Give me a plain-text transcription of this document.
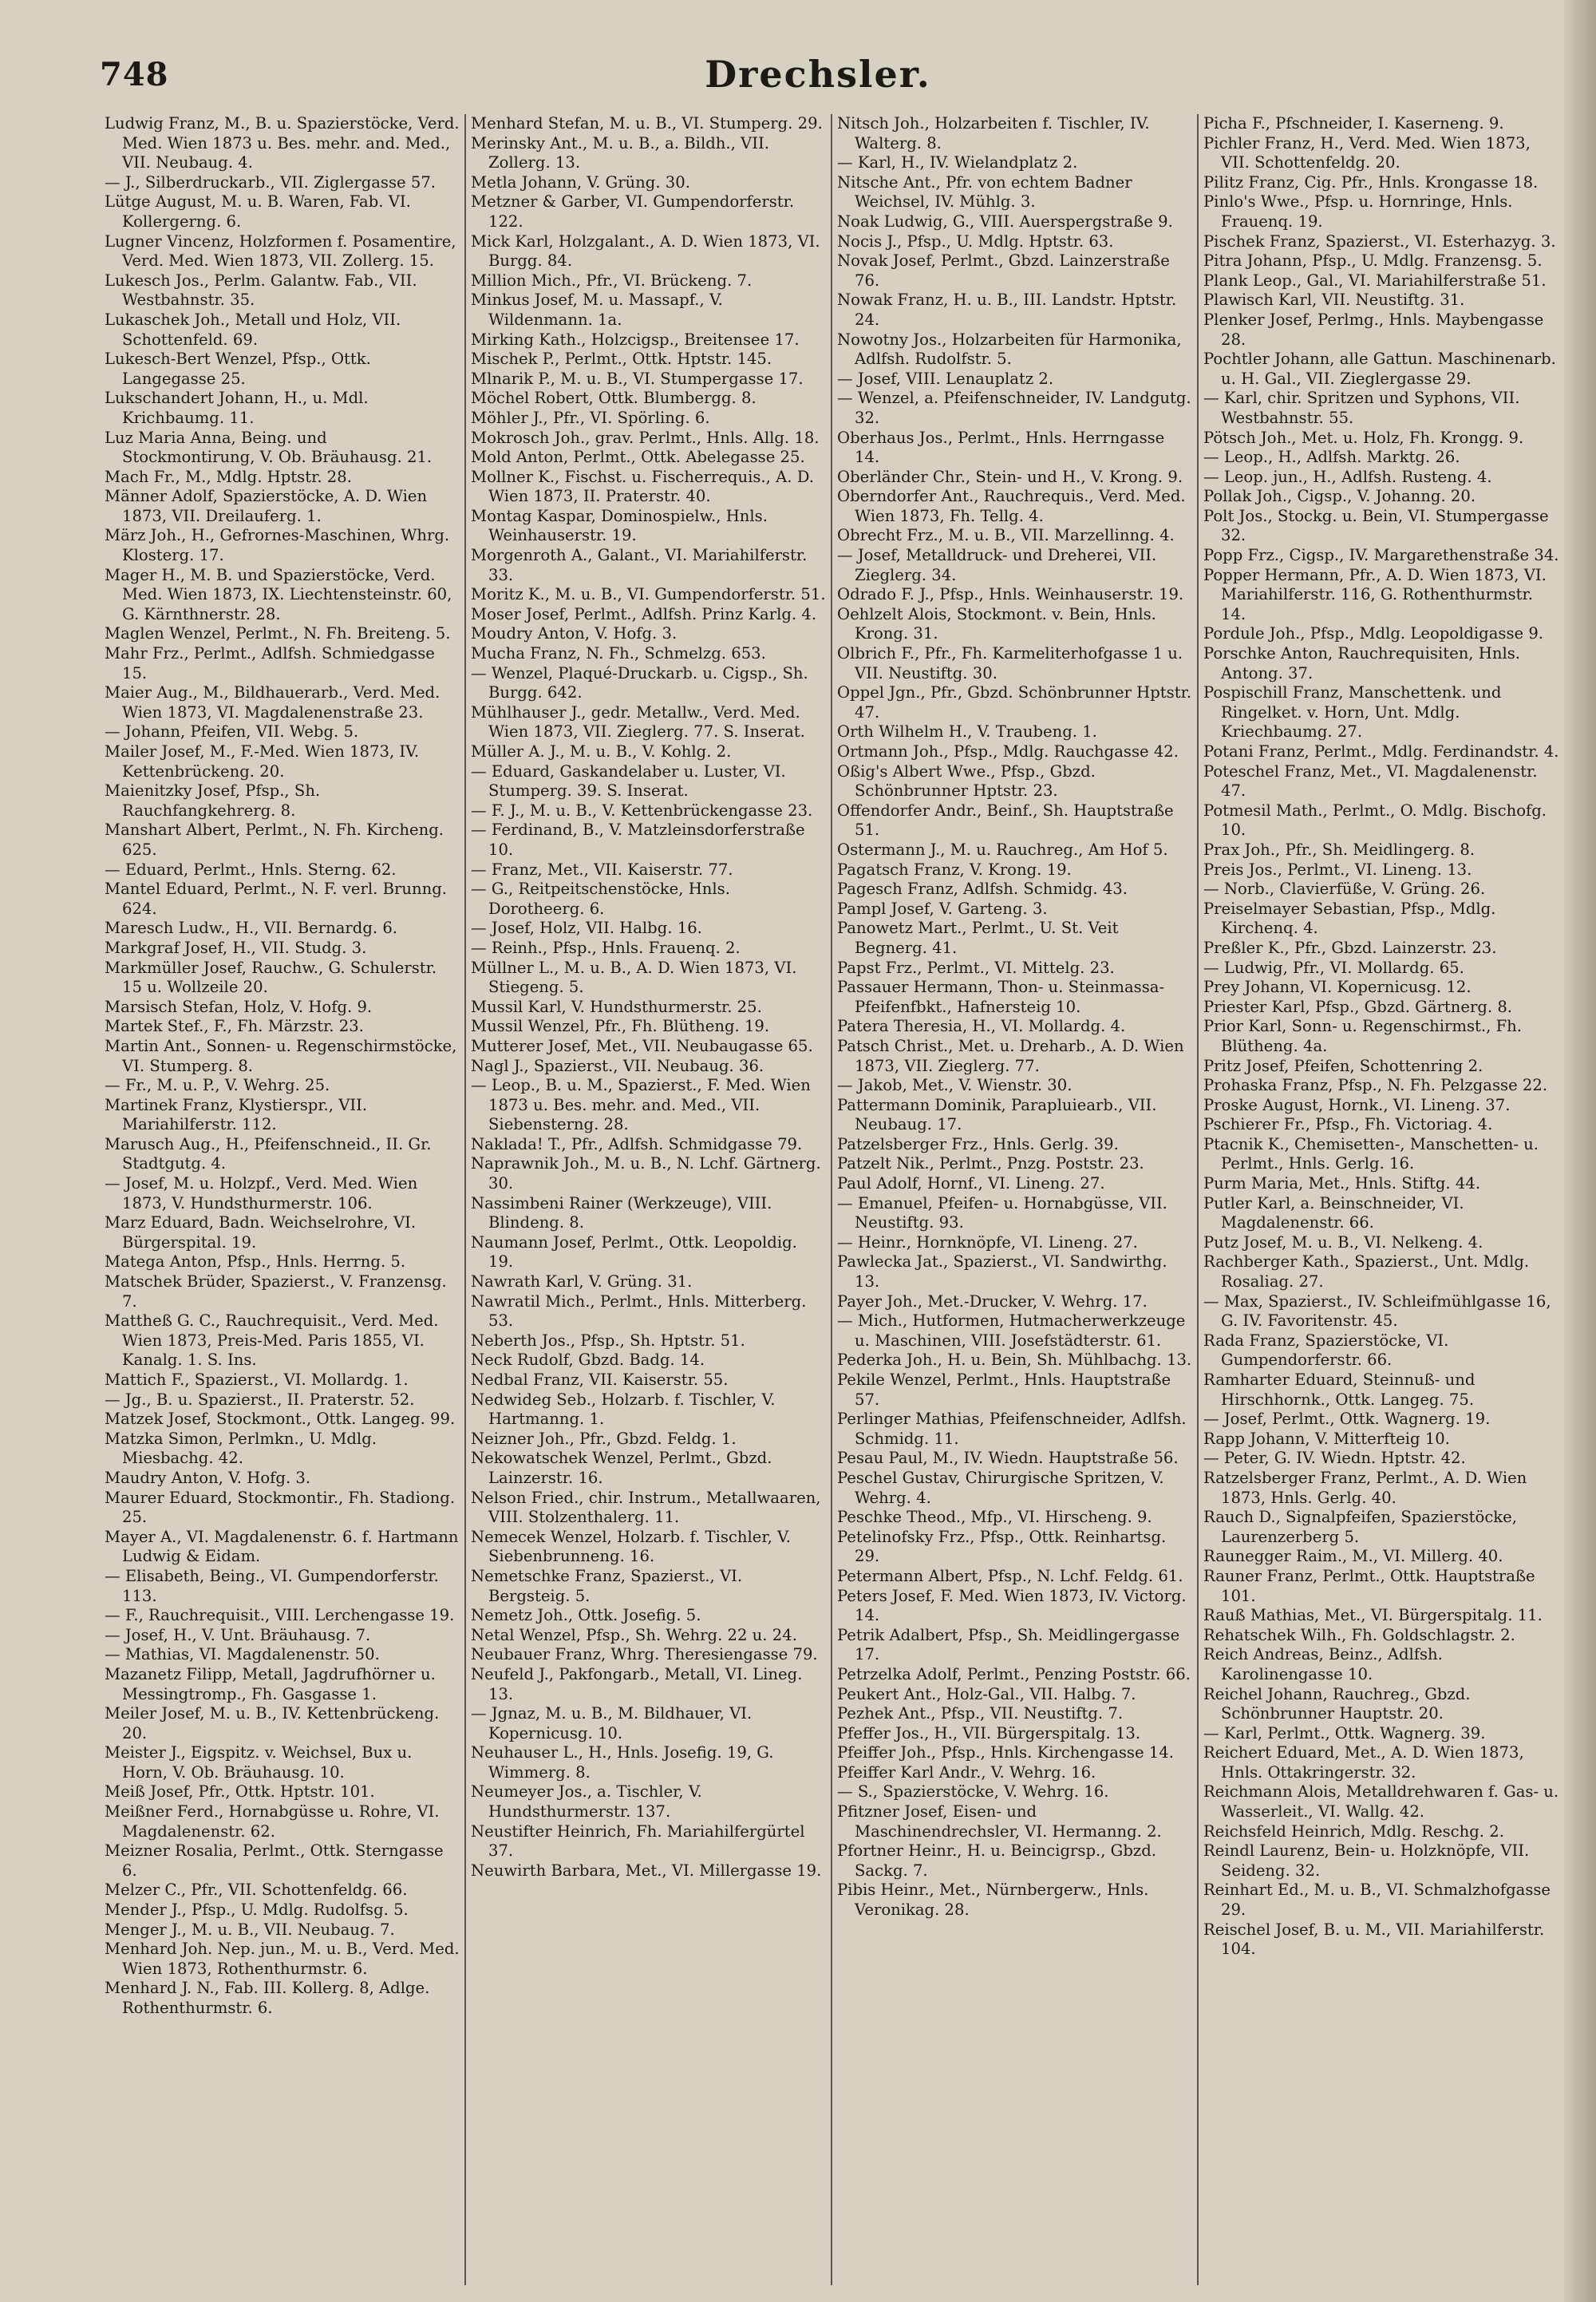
748	Drechsler.

Ludwig Franz, M., B. u. Spazierstöcke, Verd. Med. Wien 1873 u. Bes. mehr. and. Med., VII. Neubaug. 4.

— J., Silberdruckarb., VII. Ziglergasse 57.

Lütge August, M. u. B. Waren, Fab. VI. Kollergerng. 6.

Lugner Vincenz, Holzformen f. Posamentire, Verd. Med. Wien 1873, VII. Zollerg. 15.

Lukesch Jos., Perlm. Galantw. Fab., VII. Westbahnstr. 35.

Lukaschek Joh., Metall und Holz, VII. Schottenfeld. 69.

Lukesch-Bert Wenzel, Pfsp., Ottk. Langegasse 25.

Lukschandert Johann, H., u. Mdl. Krichbaumg. 11.

Luz Maria Anna, Being. und Stockmontirung, V. Ob. Bräuhausg. 21.

Mach Fr., M., Mdlg. Hptstr. 28.

Männer Adolf, Spazierstöcke, A. D. Wien 1873, VII. Dreilauferg. 1.

März Joh., H., Gefrornes-Maschinen, Whrg. Klosterg. 17.

Mager H., M. B. und Spazierstöcke, Verd. Med. Wien 1873, IX. Liechtensteinstr. 60, G. Kärnthnerstr. 28.

Maglen Wenzel, Perlmt., N. Fh. Breiteng. 5.

Mahr Frz., Perlmt., Adlfsh. Schmiedgasse 15.

Maier Aug., M., Bildhauerarb., Verd. Med. Wien 1873, VI. Magdalenenstraße 23.

— Johann, Pfeifen, VII. Webg. 5.

Mailer Josef, M., F.-Med. Wien 1873, IV. Kettenbrückeng. 20.

Maienitzky Josef, Pfsp., Sh. Rauchfangkehrerg. 8.

Manshart Albert, Perlmt., N. Fh. Kircheng. 625.

— Eduard, Perlmt., Hnls. Sterng. 62.

Mantel Eduard, Perlmt., N. F. verl. Brunng. 624.

Maresch Ludw., H., VII. Bernardg. 6.

Markgraf Josef, H., VII. Studg. 3.

Markmüller Josef, Rauchw., G. Schulerstr. 15 u. Wollzeile 20.

Marsisch Stefan, Holz, V. Hofg. 9.

Martek Stef., F., Fh. Märzstr. 23.

Martin Ant., Sonnen- u. Regenschirmstöcke, VI. Stumperg. 8.

— Fr., M. u. P., V. Wehrg. 25.

Martinek Franz, Klystierspr., VII. Mariahilferstr. 112.

Marusch Aug., H., Pfeifenschneid., II. Gr. Stadtgutg. 4.

— Josef, M. u. Holzpf., Verd. Med. Wien 1873, V. Hundsthurmerstr. 106.

Marz Eduard, Badn. Weichselrohre, VI. Bürgerspital. 19.

Matega Anton, Pfsp., Hnls. Herrng. 5.

Matschek Brüder, Spazierst., V. Franzensg. 7.

Mattheß G. C., Rauchrequisit., Verd. Med. Wien 1873, Preis-Med. Paris 1855, VI. Kanalg. 1. S. Ins.

Mattich F., Spazierst., VI. Mollardg. 1.

— Jg., B. u. Spazierst., II. Praterstr. 52.

Matzek Josef, Stockmont., Ottk. Langeg. 99.

Matzka Simon, Perlmkn., U. Mdlg. Miesbachg. 42.

Maudry Anton, V. Hofg. 3.

Maurer Eduard, Stockmontir., Fh. Stadiong. 25.

Mayer A., VI. Magdalenenstr. 6. f. Hartmann Ludwig & Eidam.

— Elisabeth, Being., VI. Gumpendorferstr. 113.

— F., Rauchrequisit., VIII. Lerchengasse 19.

— Josef, H., V. Unt. Bräuhausg. 7.

— Mathias, VI. Magdalenenstr. 50.

Mazanetz Filipp, Metall, Jagdrufhörner u. Messingtromp., Fh. Gasgasse 1.

Meiler Josef, M. u. B., IV. Kettenbrückeng. 20.

Meister J., Eigspitz. v. Weichsel, Bux u. Horn, V. Ob. Bräuhausg. 10.

Meiß Josef, Pfr., Ottk. Hptstr. 101.

Meißner Ferd., Hornabgüsse u. Rohre, VI. Magdalenenstr. 62.

Meizner Rosalia, Perlmt., Ottk. Sterngasse 6.

Melzer C., Pfr., VII. Schottenfeldg. 66.

Mender J., Pfsp., U. Mdlg. Rudolfsg. 5.

Menger J., M. u. B., VII. Neubaug. 7.

Menhard Joh. Nep. jun., M. u. B., Verd. Med. Wien 1873, Rothenthurmstr. 6.

Menhard J. N., Fab. III. Kollerg. 8, Adlge. Rothenthurmstr. 6.

Menhard Stefan, M. u. B., VI. Stumperg. 29.

Merinsky Ant., M. u. B., a. Bildh., VII. Zollerg. 13.

Metla Johann, V. Grüng. 30.

Metzner & Garber, VI. Gumpendorferstr. 122.

Mick Karl, Holzgalant., A. D. Wien 1873, VI. Burgg. 84.

Million Mich., Pfr., VI. Brückeng. 7.

Minkus Josef, M. u. Massapf., V. Wildenmann. 1a.

Mirking Kath., Holzcigsp., Breitensee 17.

Mischek P., Perlmt., Ottk. Hptstr. 145.

Mlnarik P., M. u. B., VI. Stumpergasse 17.

Möchel Robert, Ottk. Blumbergg. 8.

Möhler J., Pfr., VI. Spörling. 6.

Mokrosch Joh., grav. Perlmt., Hnls. Allg. 18.

Mold Anton, Perlmt., Ottk. Abelegasse 25.

Mollner K., Fischst. u. Fischerrequis., A. D. Wien 1873, II. Praterstr. 40.

Montag Kaspar, Dominospielw., Hnls. Weinhauserstr. 19.

Morgenroth A., Galant., VI. Mariahilferstr. 33.

Moritz K., M. u. B., VI. Gumpendorferstr. 51.

Moser Josef, Perlmt., Adlfsh. Prinz Karlg. 4.

Moudry Anton, V. Hofg. 3.

Mucha Franz, N. Fh., Schmelzg. 653.

— Wenzel, Plaqué-Druckarb. u. Cigsp., Sh. Burgg. 642.

Mühlhauser J., gedr. Metallw., Verd. Med. Wien 1873, VII. Zieglerg. 77. S. Inserat.

Müller A. J., M. u. B., V. Kohlg. 2.

— Eduard, Gaskandelaber u. Luster, VI. Stumperg. 39. S. Inserat.

— F. J., M. u. B., V. Kettenbrückengasse 23.

— Ferdinand, B., V. Matzleinsdorferstraße 10.

— Franz, Met., VII. Kaiserstr. 77.

— G., Reitpeitschenstöcke, Hnls. Dorotheerg. 6.

— Josef, Holz, VII. Halbg. 16.

— Reinh., Pfsp., Hnls. Frauenq. 2.

Müllner L., M. u. B., A. D. Wien 1873, VI. Stiegeng. 5.

Mussil Karl, V. Hundsthurmerstr. 25.

Mussil Wenzel, Pfr., Fh. Blütheng. 19.

Mutterer Josef, Met., VII. Neubaugasse 65.

Nagl J., Spazierst., VII. Neubaug. 36.

— Leop., B. u. M., Spazierst., F. Med. Wien 1873 u. Bes. mehr. and. Med., VII. Siebensterng. 28.

Naklada! T., Pfr., Adlfsh. Schmidgasse 79.

Naprawnik Joh., M. u. B., N. Lchf. Gärtnerg. 30.

Nassimbeni Rainer (Werkzeuge), VIII. Blindeng. 8.

Naumann Josef, Perlmt., Ottk. Leopoldig. 19.

Nawrath Karl, V. Grüng. 31.

Nawratil Mich., Perlmt., Hnls. Mitterberg. 53.

Neberth Jos., Pfsp., Sh. Hptstr. 51.

Neck Rudolf, Gbzd. Badg. 14.

Nedbal Franz, VII. Kaiserstr. 55.

Nedwideg Seb., Holzarb. f. Tischler, V. Hartmanng. 1.

Neizner Joh., Pfr., Gbzd. Feldg. 1.

Nekowatschek Wenzel, Perlmt., Gbzd. Lainzerstr. 16.

Nelson Fried., chir. Instrum., Metallwaaren, VIII. Stolzenthalerg. 11.

Nemecek Wenzel, Holzarb. f. Tischler, V. Siebenbrunneng. 16.

Nemetschke Franz, Spazierst., VI. Bergsteig. 5.

Nemetz Joh., Ottk. Josefig. 5.

Netal Wenzel, Pfsp., Sh. Wehrg. 22 u. 24.

Neubauer Franz, Whrg. Theresiengasse 79.

Neufeld J., Pakfongarb., Metall, VI. Lineg. 13.

— Jgnaz, M. u. B., M. Bildhauer, VI. Kopernicusg. 10.

Neuhauser L., H., Hnls. Josefig. 19, G. Wimmerg. 8.

Neumeyer Jos., a. Tischler, V. Hundsthurmerstr. 137.

Neustifter Heinrich, Fh. Mariahilfergürtel 37.

Neuwirth Barbara, Met., VI. Millergasse 19.

Nitsch Joh., Holzarbeiten f. Tischler, IV. Walterg. 8.

— Karl, H., IV. Wielandplatz 2.

Nitsche Ant., Pfr. von echtem Badner Weichsel, IV. Mühlg. 3.

Noak Ludwig, G., VIII. Auerspergstraße 9.

Nocis J., Pfsp., U. Mdlg. Hptstr. 63.

Novak Josef, Perlmt., Gbzd. Lainzerstraße 76.

Nowak Franz, H. u. B., III. Landstr. Hptstr. 24.

Nowotny Jos., Holzarbeiten für Harmonika, Adlfsh. Rudolfstr. 5.

— Josef, VIII. Lenauplatz 2.

— Wenzel, a. Pfeifenschneider, IV. Landgutg. 32.

Oberhaus Jos., Perlmt., Hnls. Herrngasse 14.

Oberländer Chr., Stein- und H., V. Krong. 9.

Oberndorfer Ant., Rauchrequis., Verd. Med. Wien 1873, Fh. Tellg. 4.

Obrecht Frz., M. u. B., VII. Marzellinng. 4.

— Josef, Metalldruck- und Dreherei, VII. Zieglerg. 34.

Odrado F. J., Pfsp., Hnls. Weinhauserstr. 19.

Oehlzelt Alois, Stockmont. v. Bein, Hnls. Krong. 31.

Olbrich F., Pfr., Fh. Karmeliterhofgasse 1 u. VII. Neustiftg. 30.

Oppel Jgn., Pfr., Gbzd. Schönbrunner Hptstr. 47.

Orth Wilhelm H., V. Traubeng. 1.

Ortmann Joh., Pfsp., Mdlg. Rauchgasse 42.

Oßig's Albert Wwe., Pfsp., Gbzd. Schönbrunner Hptstr. 23.

Offendorfer Andr., Beinf., Sh. Hauptstraße 51.

Ostermann J., M. u. Rauchreg., Am Hof 5.

Pagatsch Franz, V. Krong. 19.

Pagesch Franz, Adlfsh. Schmidg. 43.

Pampl Josef, V. Garteng. 3.

Panowetz Mart., Perlmt., U. St. Veit Begnerg. 41.

Papst Frz., Perlmt., VI. Mittelg. 23.

Passauer Hermann, Thon- u. Steinmassa-Pfeifenfbkt., Hafnersteig 10.

Patera Theresia, H., VI. Mollardg. 4.

Patsch Christ., Met. u. Dreharb., A. D. Wien 1873, VII. Zieglerg. 77.

— Jakob, Met., V. Wienstr. 30.

Pattermann Dominik, Parapluiearb., VII. Neubaug. 17.

Patzelsberger Frz., Hnls. Gerlg. 39.

Patzelt Nik., Perlmt., Pnzg. Poststr. 23.

Paul Adolf, Hornf., VI. Lineng. 27.

— Emanuel, Pfeifen- u. Hornabgüsse, VII. Neustiftg. 93.

— Heinr., Hornknöpfe, VI. Lineng. 27.

Pawlecka Jat., Spazierst., VI. Sandwirthg. 13.

Payer Joh., Met.-Drucker, V. Wehrg. 17.

— Mich., Hutformen, Hutmacherwerkzeuge u. Maschinen, VIII. Josefstädterstr. 61.

Pederka Joh., H. u. Bein, Sh. Mühlbachg. 13.

Pekile Wenzel, Perlmt., Hnls. Hauptstraße 57.

Perlinger Mathias, Pfeifenschneider, Adlfsh. Schmidg. 11.

Pesau Paul, M., IV. Wiedn. Hauptstraße 56.

Peschel Gustav, Chirurgische Spritzen, V. Wehrg. 4.

Peschke Theod., Mfp., VI. Hirscheng. 9.

Petelinofsky Frz., Pfsp., Ottk. Reinhartsg. 29.

Petermann Albert, Pfsp., N. Lchf. Feldg. 61.

Peters Josef, F. Med. Wien 1873, IV. Victorg. 14.

Petrik Adalbert, Pfsp., Sh. Meidlingergasse 17.

Petrzelka Adolf, Perlmt., Penzing Poststr. 66.

Peukert Ant., Holz-Gal., VII. Halbg. 7.

Pezhek Ant., Pfsp., VII. Neustiftg. 7.

Pfeffer Jos., H., VII. Bürgerspitalg. 13.

Pfeiffer Joh., Pfsp., Hnls. Kirchengasse 14.

Pfeiffer Karl Andr., V. Wehrg. 16.

— S., Spazierstöcke, V. Wehrg. 16.

Pfitzner Josef, Eisen- und Maschinendrechsler, VI. Hermanng. 2.

Pfortner Heinr., H. u. Beincigrsp., Gbzd. Sackg. 7.

Pibis Heinr., Met., Nürnbergerw., Hnls. Veronikag. 28.

Picha F., Pfschneider, I. Kaserneng. 9.

Pichler Franz, H., Verd. Med. Wien 1873, VII. Schottenfeldg. 20.

Pilitz Franz, Cig. Pfr., Hnls. Krongasse 18.

Pinlo's Wwe., Pfsp. u. Hornringe, Hnls. Frauenq. 19.

Pischek Franz, Spazierst., VI. Esterhazyg. 3.

Pitra Johann, Pfsp., U. Mdlg. Franzensg. 5.

Plank Leop., Gal., VI. Mariahilferstraße 51.

Plawisch Karl, VII. Neustiftg. 31.

Plenker Josef, Perlmg., Hnls. Maybengasse 28.

Pochtler Johann, alle Gattun. Maschinenarb. u. H. Gal., VII. Zieglergasse 29.

— Karl, chir. Spritzen und Syphons, VII. Westbahnstr. 55.

Pötsch Joh., Met. u. Holz, Fh. Krongg. 9.

— Leop., H., Adlfsh. Marktg. 26.

— Leop. jun., H., Adlfsh. Rusteng. 4.

Pollak Joh., Cigsp., V. Johanng. 20.

Polt Jos., Stockg. u. Bein, VI. Stumpergasse 32.

Popp Frz., Cigsp., IV. Margarethenstraße 34.

Popper Hermann, Pfr., A. D. Wien 1873, VI. Mariahilferstr. 116, G. Rothenthurmstr. 14.

Pordule Joh., Pfsp., Mdlg. Leopoldigasse 9.

Porschke Anton, Rauchrequisiten, Hnls. Antong. 37.

Pospischill Franz, Manschettenk. und Ringelket. v. Horn, Unt. Mdlg. Kriechbaumg. 27.

Potani Franz, Perlmt., Mdlg. Ferdinandstr. 4.

Poteschel Franz, Met., VI. Magdalenenstr. 47.

Potmesil Math., Perlmt., O. Mdlg. Bischofg. 10.

Prax Joh., Pfr., Sh. Meidlingerg. 8.

Preis Jos., Perlmt., VI. Lineng. 13.

— Norb., Clavierfüße, V. Grüng. 26.

Preiselmayer Sebastian, Pfsp., Mdlg. Kirchenq. 4.

Preßler K., Pfr., Gbzd. Lainzerstr. 23.

— Ludwig, Pfr., VI. Mollardg. 65.

Prey Johann, VI. Kopernicusg. 12.

Priester Karl, Pfsp., Gbzd. Gärtnerg. 8.

Prior Karl, Sonn- u. Regenschirmst., Fh. Blütheng. 4a.

Pritz Josef, Pfeifen, Schottenring 2.

Prohaska Franz, Pfsp., N. Fh. Pelzgasse 22.

Proske August, Hornk., VI. Lineng. 37.

Pschierer Fr., Pfsp., Fh. Victoriag. 4.

Ptacnik K., Chemisetten-, Manschetten- u. Perlmt., Hnls. Gerlg. 16.

Purm Maria, Met., Hnls. Stiftg. 44.

Putler Karl, a. Beinschneider, VI. Magdalenenstr. 66.

Putz Josef, M. u. B., VI. Nelkeng. 4.

Rachberger Kath., Spazierst., Unt. Mdlg. Rosaliag. 27.

— Max, Spazierst., IV. Schleifmühlgasse 16, G. IV. Favoritenstr. 45.

Rada Franz, Spazierstöcke, VI. Gumpendorferstr. 66.

Ramharter Eduard, Steinnuß- und Hirschhornk., Ottk. Langeg. 75.

— Josef, Perlmt., Ottk. Wagnerg. 19.

Rapp Johann, V. Mitterfteig 10.

— Peter, G. IV. Wiedn. Hptstr. 42.

Ratzelsberger Franz, Perlmt., A. D. Wien 1873, Hnls. Gerlg. 40.

Rauch D., Signalpfeifen, Spazierstöcke, Laurenzerberg 5.

Raunegger Raim., M., VI. Millerg. 40.

Rauner Franz, Perlmt., Ottk. Hauptstraße 101.

Rauß Mathias, Met., VI. Bürgerspitalg. 11.

Rehatschek Wilh., Fh. Goldschlagstr. 2.

Reich Andreas, Beinz., Adlfsh. Karolinengasse 10.

Reichel Johann, Rauchreg., Gbzd. Schönbrunner Hauptstr. 20.

— Karl, Perlmt., Ottk. Wagnerg. 39.

Reichert Eduard, Met., A. D. Wien 1873, Hnls. Ottakringerstr. 32.

Reichmann Alois, Metalldrehwaren f. Gas- u. Wasserleit., VI. Wallg. 42.

Reichsfeld Heinrich, Mdlg. Reschg. 2.

Reindl Laurenz, Bein- u. Holzknöpfe, VII. Seideng. 32.

Reinhart Ed., M. u. B., VI. Schmalzhofgasse 29.

Reischel Josef, B. u. M., VII. Mariahilferstr. 104.
